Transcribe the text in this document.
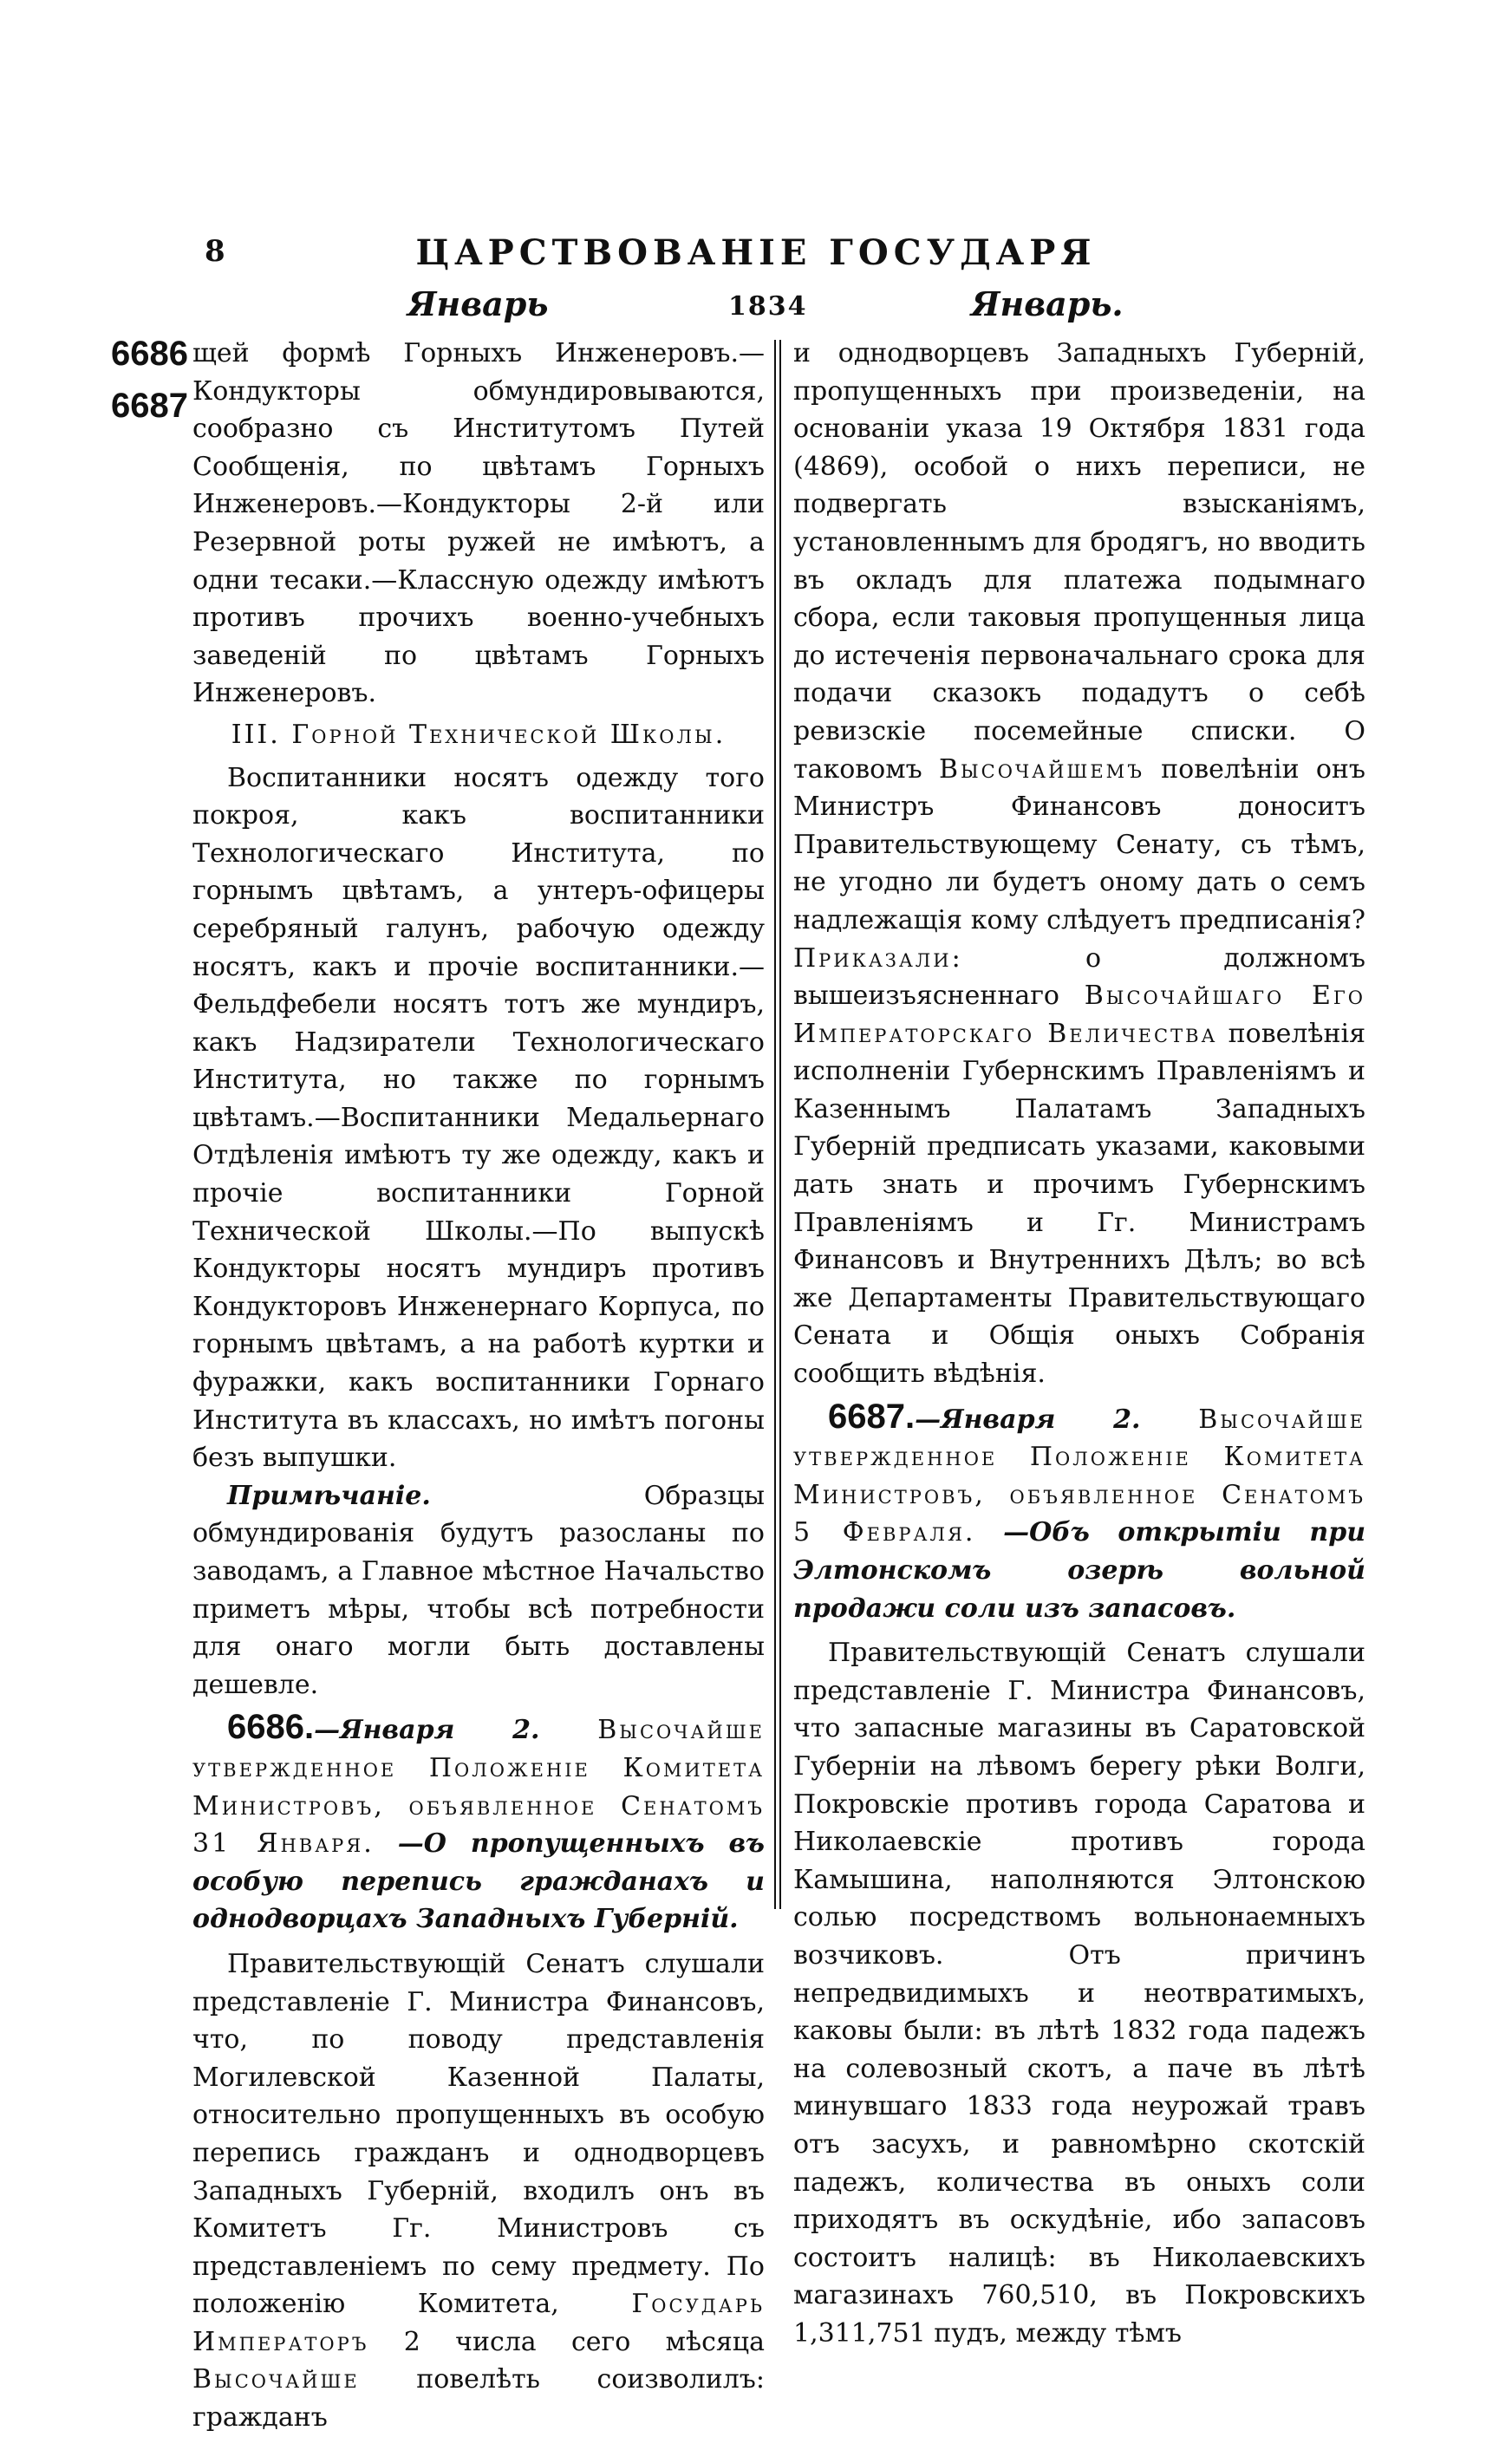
8	ЦАРСТВОВАНІЕ ГОСУДАРЯ
Январь	1834	Январь.
6686
6687

щей формѣ Горныхъ Инженеровъ.—Кондукторы обмундировываются, сообразно съ Институтомъ Путей Сообщенія, по цвѣтамъ Горныхъ Инженеровъ.—Кондукторы 2-й или Резервной роты ружей не имѣютъ, а одни тесаки.—Классную одежду имѣютъ противъ прочихъ военно-учебныхъ заведеній по цвѣтамъ Горныхъ Инженеровъ.

III. Горной Технической Школы.

Воспитанники носятъ одежду того покроя, какъ воспитанники Технологическаго Института, по горнымъ цвѣтамъ, а унтеръ-офицеры серебряный галунъ, рабочую одежду носятъ, какъ и прочіе воспитанники.—Фельдфебели носятъ тотъ же мундиръ, какъ Надзиратели Технологическаго Института, но также по горнымъ цвѣтамъ.—Воспитанники Медальернаго Отдѣленія имѣютъ ту же одежду, какъ и прочіе воспитанники Горной Технической Школы.—По выпускѣ Кондукторы носятъ мундиръ противъ Кондукторовъ Инженернаго Корпуса, по горнымъ цвѣтамъ, а на работѣ куртки и фуражки, какъ воспитанники Горнаго Института въ классахъ, но имѣтъ погоны безъ выпушки.

Примѣчаніе. Образцы обмундированія будутъ разосланы по заводамъ, а Главное мѣстное Начальство приметъ мѣры, чтобы всѣ потребности для онаго могли быть доставлены дешевле.

6686.—Января 2. Высочайше утвержденное Положеніе Комитета Министровъ, объявленное Сенатомъ 31 Января. —О пропущенныхъ въ особую перепись гражданахъ и однодворцахъ Западныхъ Губерній.

Правительствующій Сенатъ слушали представленіе Г. Министра Финансовъ, что, по поводу представленія Могилевской Казенной Палаты, относительно пропущенныхъ въ особую перепись гражданъ и однодворцевъ Западныхъ Губерній, входилъ онъ въ Комитетъ Гг. Министровъ съ представленіемъ по сему предмету. По положенію Комитета, Государь Императоръ 2 числа сего мѣсяца Высочайше повелѣть соизволилъ: гражданъ

и однодворцевъ Западныхъ Губерній, пропущенныхъ при произведеніи, на основаніи указа 19 Октября 1831 года (4869), особой о нихъ переписи, не подвергать взысканіямъ, установленнымъ для бродягъ, но вводить въ окладъ для платежа подымнаго сбора, если таковыя пропущенныя лица до истеченія первоначальнаго срока для подачи сказокъ подадутъ о себѣ ревизскіе посемейные списки. О таковомъ Высочайшемъ повелѣніи онъ Министръ Финансовъ доноситъ Правительствующему Сенату, съ тѣмъ, не угодно ли будетъ оному дать о семъ надлежащія кому слѣдуетъ предписанія? Приказали: о должномъ вышеизъясненнаго Высочайшаго Его Императорскаго Величества повелѣнія исполненіи Губернскимъ Правленіямъ и Казеннымъ Палатамъ Западныхъ Губерній предписать указами, каковыми дать знать и прочимъ Губернскимъ Правленіямъ и Гг. Министрамъ Финансовъ и Внутреннихъ Дѣлъ; во всѣ же Департаменты Правительствующаго Сената и Общія оныхъ Собранія сообщить вѣдѣнія.

6687.—Января 2. Высочайше утвержденное Положеніе Комитета Министровъ, объявленное Сенатомъ 5 Февраля. —Объ открытіи при Элтонскомъ озерѣ вольной продажи соли изъ запасовъ.

Правительствующій Сенатъ слушали представленіе Г. Министра Финансовъ, что запасные магазины въ Саратовской Губерніи на лѣвомъ берегу рѣки Волги, Покровскіе противъ города Саратова и Николаевскіе противъ города Камышина, наполняются Элтонскою солью посредствомъ вольнонаемныхъ возчиковъ. Отъ причинъ непредвидимыхъ и неотвратимыхъ, каковы были: въ лѣтѣ 1832 года падежъ на солевозный скотъ, а паче въ лѣтѣ минувшаго 1833 года неурожай травъ отъ засухъ, и равномѣрно скотскій падежъ, количества въ оныхъ соли приходятъ въ оскудѣніе, ибо запасовъ состоитъ налицѣ: въ Николаевскихъ магазинахъ 760,510, въ Покровскихъ 1,311,751 пудъ, между тѣмъ
